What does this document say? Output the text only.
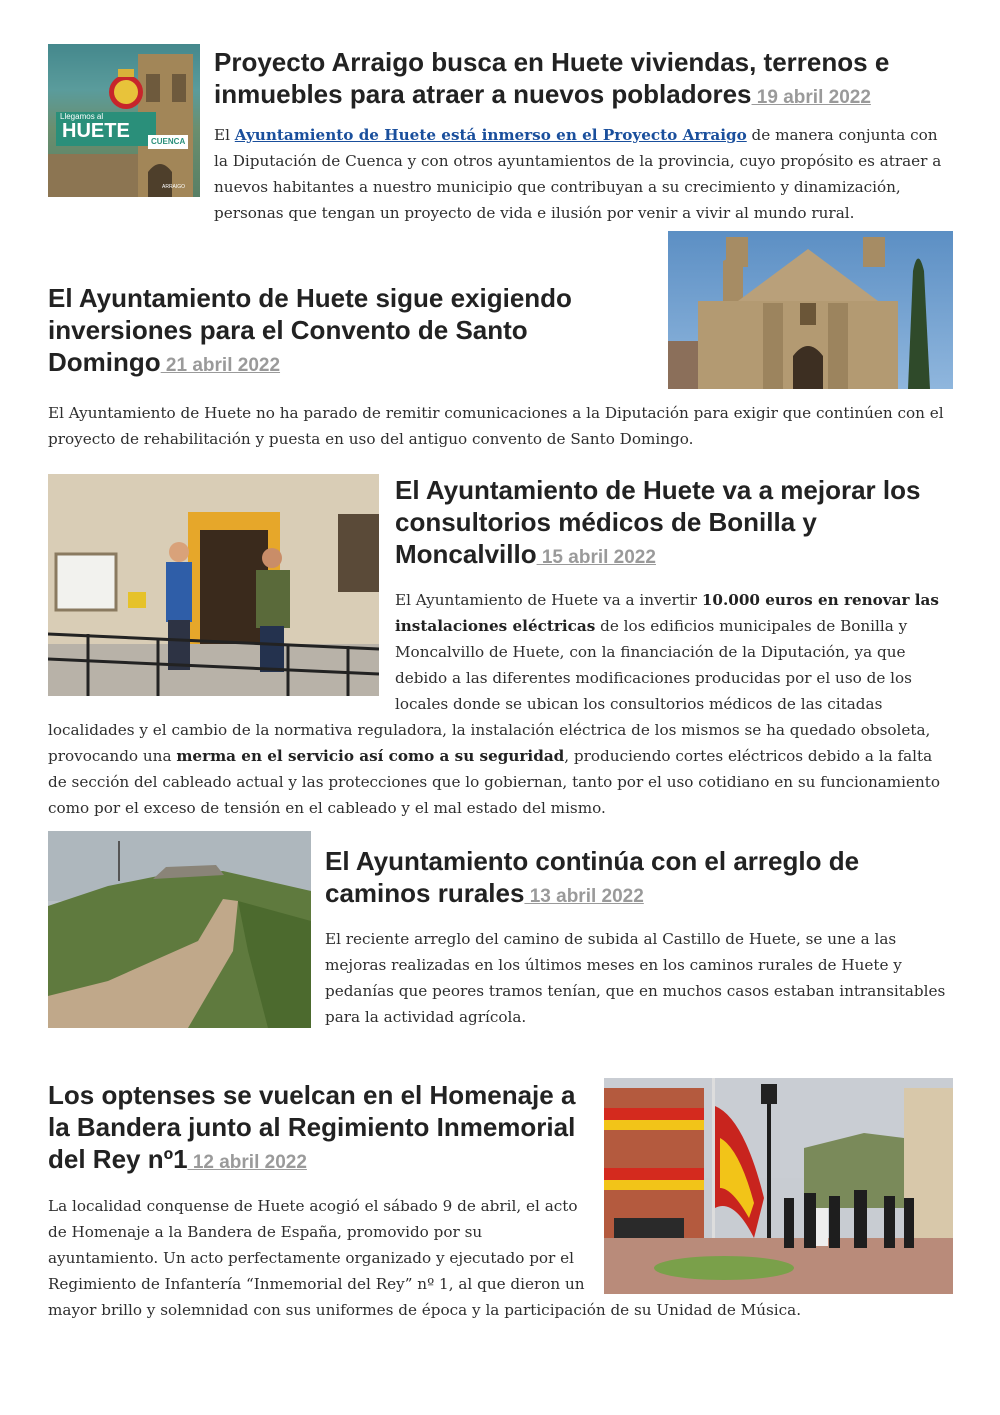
Llegamos al
HUETE	CUENCA
ARRAIGO
Proyecto Arraigo busca en Huete viviendas, terrenos e inmuebles para atraer a nuevos pobladores 19 abril 2022

El Ayuntamiento de Huete está inmerso en el Proyecto Arraigo de manera conjunta con la Diputación de Cuenca y con otros ayuntamientos de la provincia, cuyo propósito es atraer a nuevos habitantes a nuestro municipio que contribuyan a su crecimiento y dinamización, personas que tengan un proyecto de vida e ilusión por venir a vivir al mundo rural.

El Ayuntamiento de Huete sigue exigiendo inversiones para el Convento de Santo Domingo 21 abril 2022

El Ayuntamiento de Huete no ha parado de remitir comunicaciones a la Diputación para exigir que continúen con el proyecto de rehabilitación y puesta en uso del antiguo convento de Santo Domingo.

El Ayuntamiento de Huete va a mejorar los consultorios médicos de Bonilla y Moncalvillo 15 abril 2022

El Ayuntamiento de Huete va a invertir 10.000 euros en renovar las instalaciones eléctricas de los edificios municipales de Bonilla y Moncalvillo de Huete, con la financiación de la Diputación, ya que debido a las diferentes modificaciones producidas por el uso de los locales donde se ubican los consultorios médicos de las citadas localidades y el cambio de la normativa reguladora, la instalación eléctrica de los mismos se ha quedado obsoleta, provocando una merma en el servicio así como a su seguridad, produciendo cortes eléctricos debido a la falta de sección del cableado actual y las protecciones que lo gobiernan, tanto por el uso cotidiano en su funcionamiento como por el exceso de tensión en el cableado y el mal estado del mismo.

El Ayuntamiento continúa con el arreglo de caminos rurales 13 abril 2022

El reciente arreglo del camino de subida al Castillo de Huete, se une a las mejoras realizadas en los últimos meses en los caminos rurales de Huete y pedanías que peores tramos tenían, que en muchos casos estaban intransitables para la actividad agrícola.

Los optenses se vuelcan en el Homenaje a la Bandera junto al Regimiento Inmemorial del Rey nº1 12 abril 2022

La localidad conquense de Huete acogió el sábado 9 de abril, el acto de Homenaje a la Bandera de España, promovido por su ayuntamiento. Un acto perfectamente organizado y ejecutado por el Regimiento de Infantería “Inmemorial del Rey” nº 1, al que dieron un mayor brillo y solemnidad con sus uniformes de época y la participación de su Unidad de Música.
